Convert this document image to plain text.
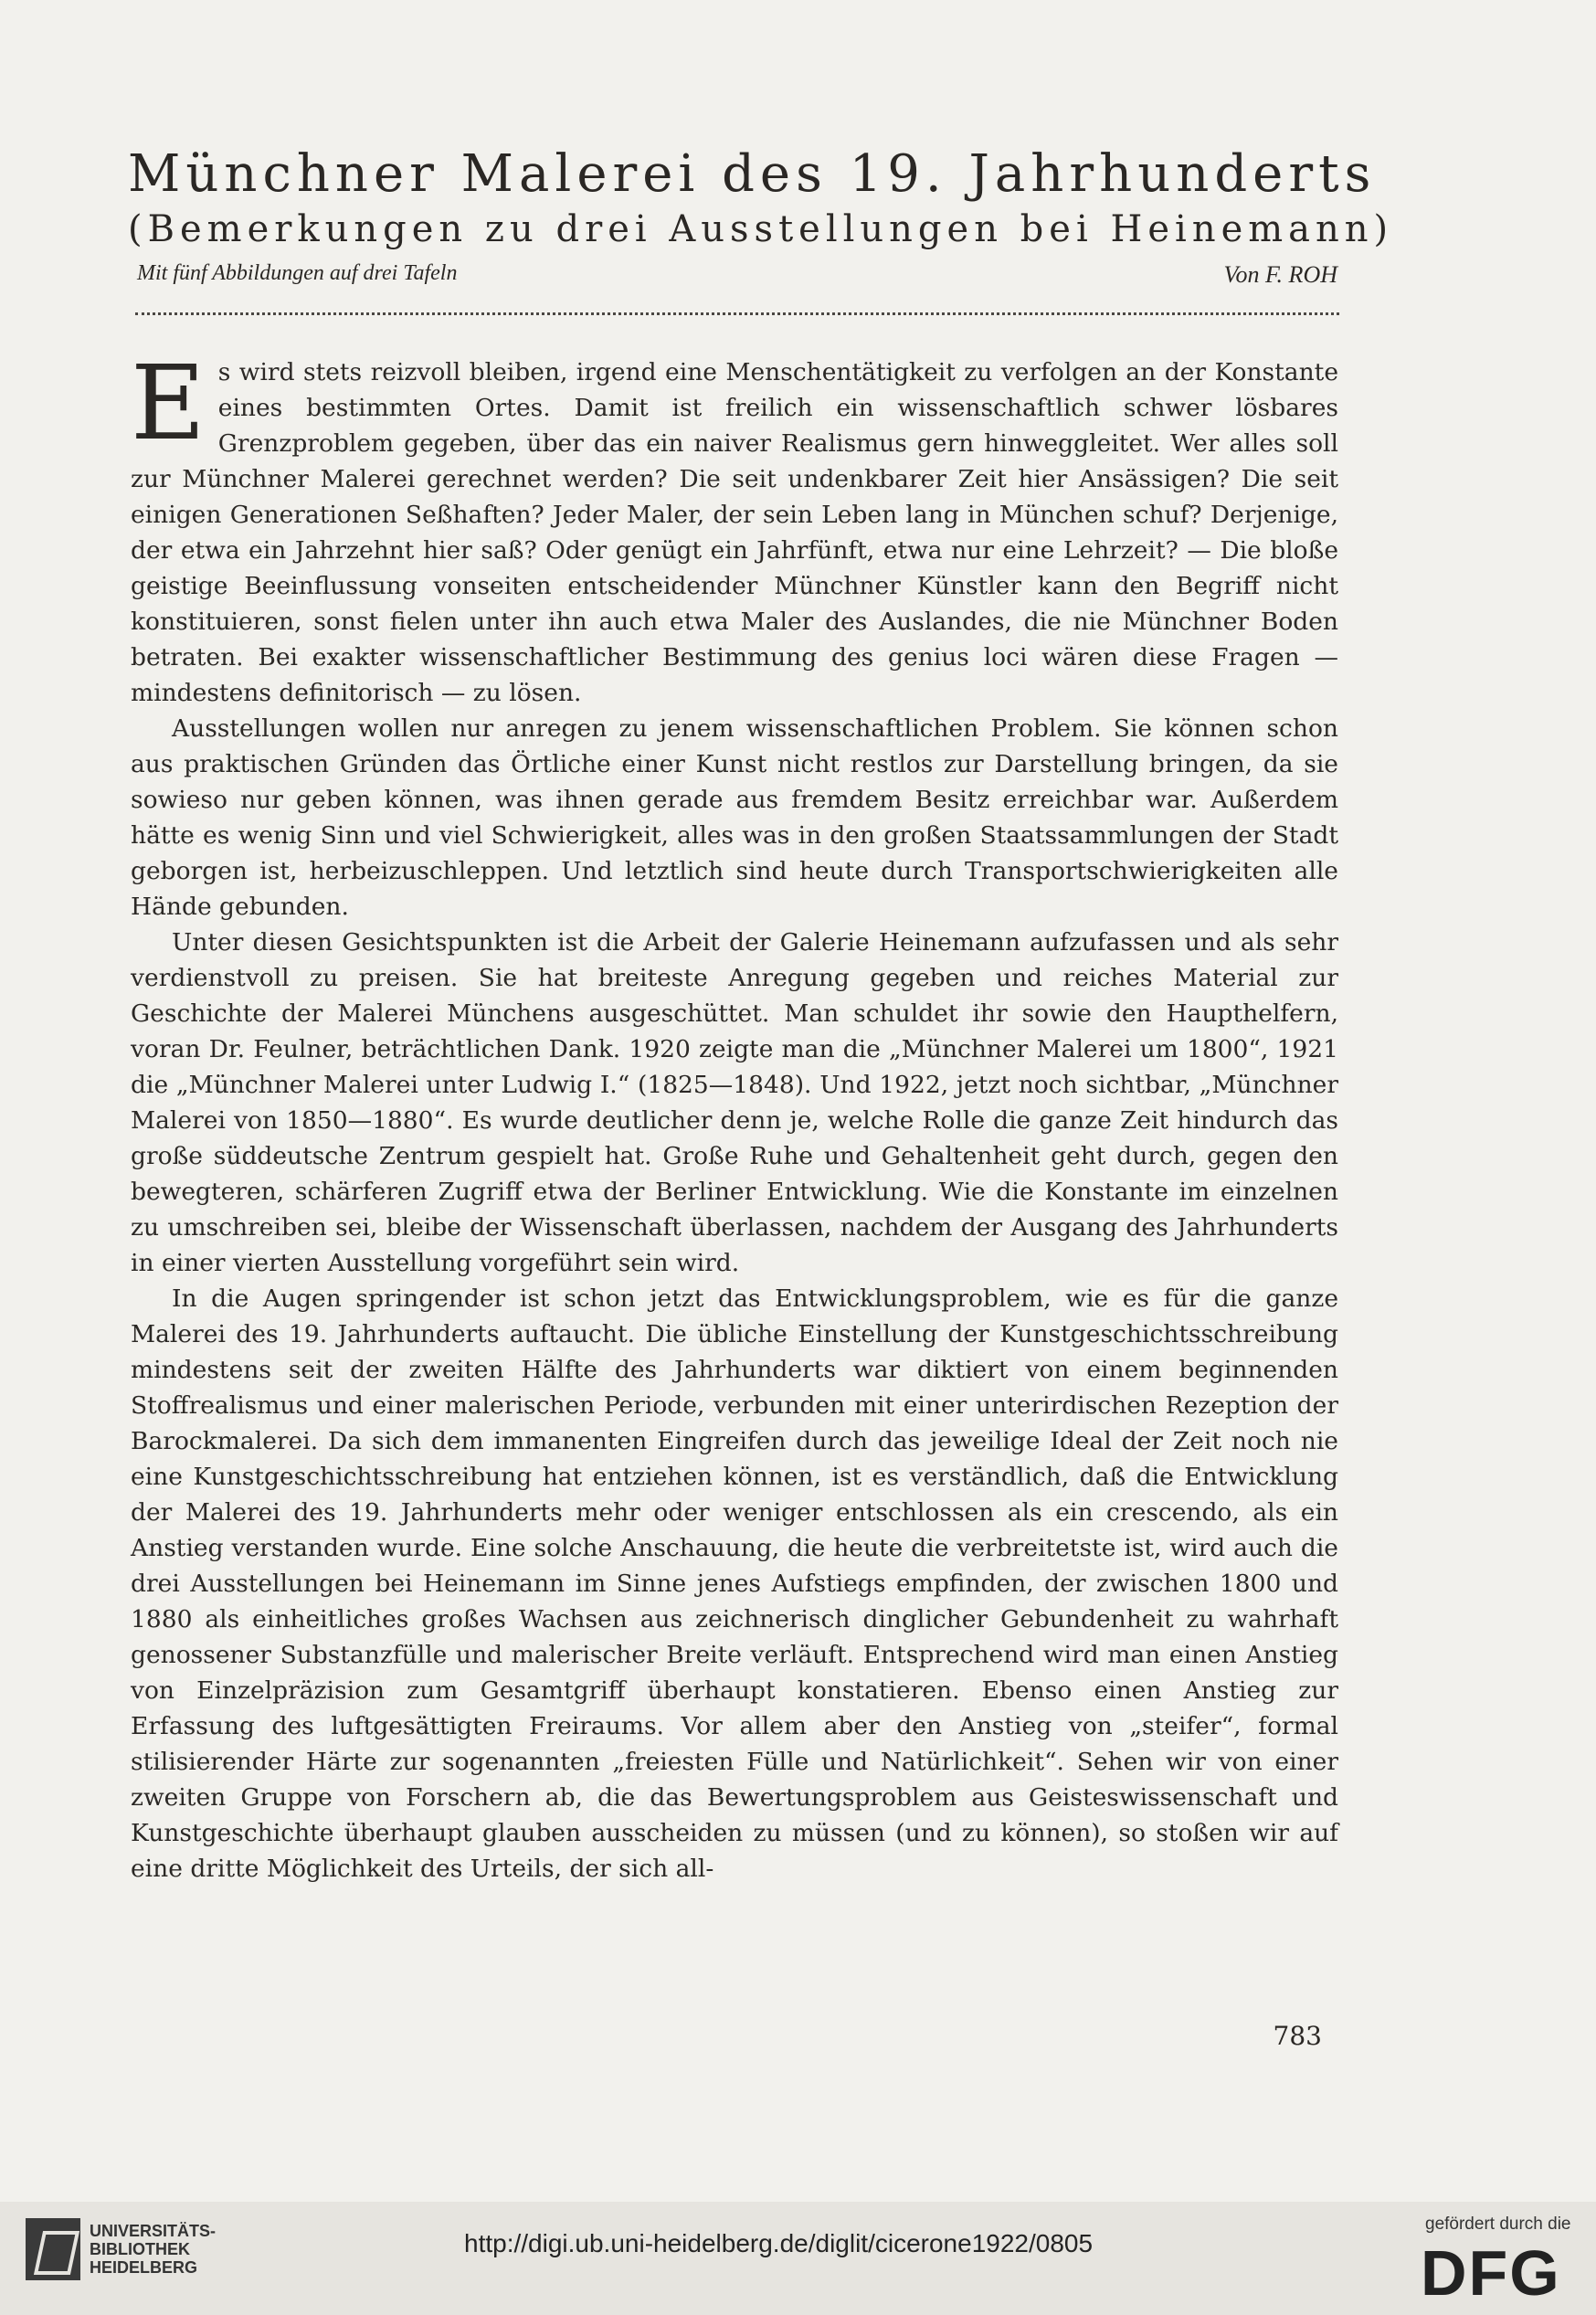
Münchner Malerei des 19. Jahrhunderts
(Bemerkungen zu drei Ausstellungen bei Heinemann)
Mit fünf Abbildungen auf drei Tafeln	Von F. ROH

Es wird stets reizvoll bleiben, irgend eine Menschentätigkeit zu verfolgen an der Konstante eines bestimmten Ortes. Damit ist freilich ein wissenschaftlich schwer lösbares Grenzproblem gegeben, über das ein naiver Realismus gern hinweggleitet. Wer alles soll zur Münchner Malerei gerechnet werden? Die seit undenkbarer Zeit hier Ansässigen? Die seit einigen Generationen Seßhaften? Jeder Maler, der sein Leben lang in München schuf? Derjenige, der etwa ein Jahrzehnt hier saß? Oder genügt ein Jahrfünft, etwa nur eine Lehrzeit? — Die bloße geistige Beeinflussung vonseiten entscheidender Münchner Künstler kann den Begriff nicht konstituieren, sonst fielen unter ihn auch etwa Maler des Auslandes, die nie Münchner Boden betraten. Bei exakter wissenschaftlicher Bestimmung des genius loci wären diese Fragen — mindestens definitorisch — zu lösen.

Ausstellungen wollen nur anregen zu jenem wissenschaftlichen Problem. Sie können schon aus praktischen Gründen das Örtliche einer Kunst nicht restlos zur Darstellung bringen, da sie sowieso nur geben können, was ihnen gerade aus fremdem Besitz erreichbar war. Außerdem hätte es wenig Sinn und viel Schwierigkeit, alles was in den großen Staatssammlungen der Stadt geborgen ist, herbeizuschleppen. Und letztlich sind heute durch Transportschwierigkeiten alle Hände gebunden.

Unter diesen Gesichtspunkten ist die Arbeit der Galerie Heinemann aufzufassen und als sehr verdienstvoll zu preisen. Sie hat breiteste Anregung gegeben und reiches Material zur Geschichte der Malerei Münchens ausgeschüttet. Man schuldet ihr sowie den Haupthelfern, voran Dr. Feulner, beträchtlichen Dank. 1920 zeigte man die „Münchner Malerei um 1800“, 1921 die „Münchner Malerei unter Ludwig I.“ (1825—1848). Und 1922, jetzt noch sichtbar, „Münchner Malerei von 1850—1880“. Es wurde deutlicher denn je, welche Rolle die ganze Zeit hindurch das große süddeutsche Zentrum gespielt hat. Große Ruhe und Gehaltenheit geht durch, gegen den bewegteren, schärferen Zugriff etwa der Berliner Entwicklung. Wie die Konstante im einzelnen zu umschreiben sei, bleibe der Wissenschaft überlassen, nachdem der Ausgang des Jahrhunderts in einer vierten Ausstellung vorgeführt sein wird.

In die Augen springender ist schon jetzt das Entwicklungsproblem, wie es für die ganze Malerei des 19. Jahrhunderts auftaucht. Die übliche Einstellung der Kunstgeschichtsschreibung mindestens seit der zweiten Hälfte des Jahrhunderts war diktiert von einem beginnenden Stoffrealismus und einer malerischen Periode, verbunden mit einer unterirdischen Rezeption der Barockmalerei. Da sich dem immanenten Eingreifen durch das jeweilige Ideal der Zeit noch nie eine Kunstgeschichtsschreibung hat entziehen können, ist es verständlich, daß die Entwicklung der Malerei des 19. Jahrhunderts mehr oder weniger entschlossen als ein crescendo, als ein Anstieg verstanden wurde. Eine solche Anschauung, die heute die verbreitetste ist, wird auch die drei Ausstellungen bei Heinemann im Sinne jenes Aufstiegs empfinden, der zwischen 1800 und 1880 als einheitliches großes Wachsen aus zeichnerisch dinglicher Gebundenheit zu wahrhaft genossener Substanzfülle und malerischer Breite verläuft. Entsprechend wird man einen Anstieg von Einzelpräzision zum Gesamtgriff überhaupt konstatieren. Ebenso einen Anstieg zur Erfassung des luftgesättigten Freiraums. Vor allem aber den Anstieg von „steifer“, formal stilisierender Härte zur sogenannten „freiesten Fülle und Natürlichkeit“. Sehen wir von einer zweiten Gruppe von Forschern ab, die das Bewertungsproblem aus Geisteswissenschaft und Kunstgeschichte überhaupt glauben ausscheiden zu müssen (und zu können), so stoßen wir auf eine dritte Möglichkeit des Urteils, der sich all-

783
UNIVERSITÄTS-
BIBLIOTHEK
HEIDELBERG
http://digi.ub.uni-heidelberg.de/diglit/cicerone1922/0805
gefördert durch die
DFG
